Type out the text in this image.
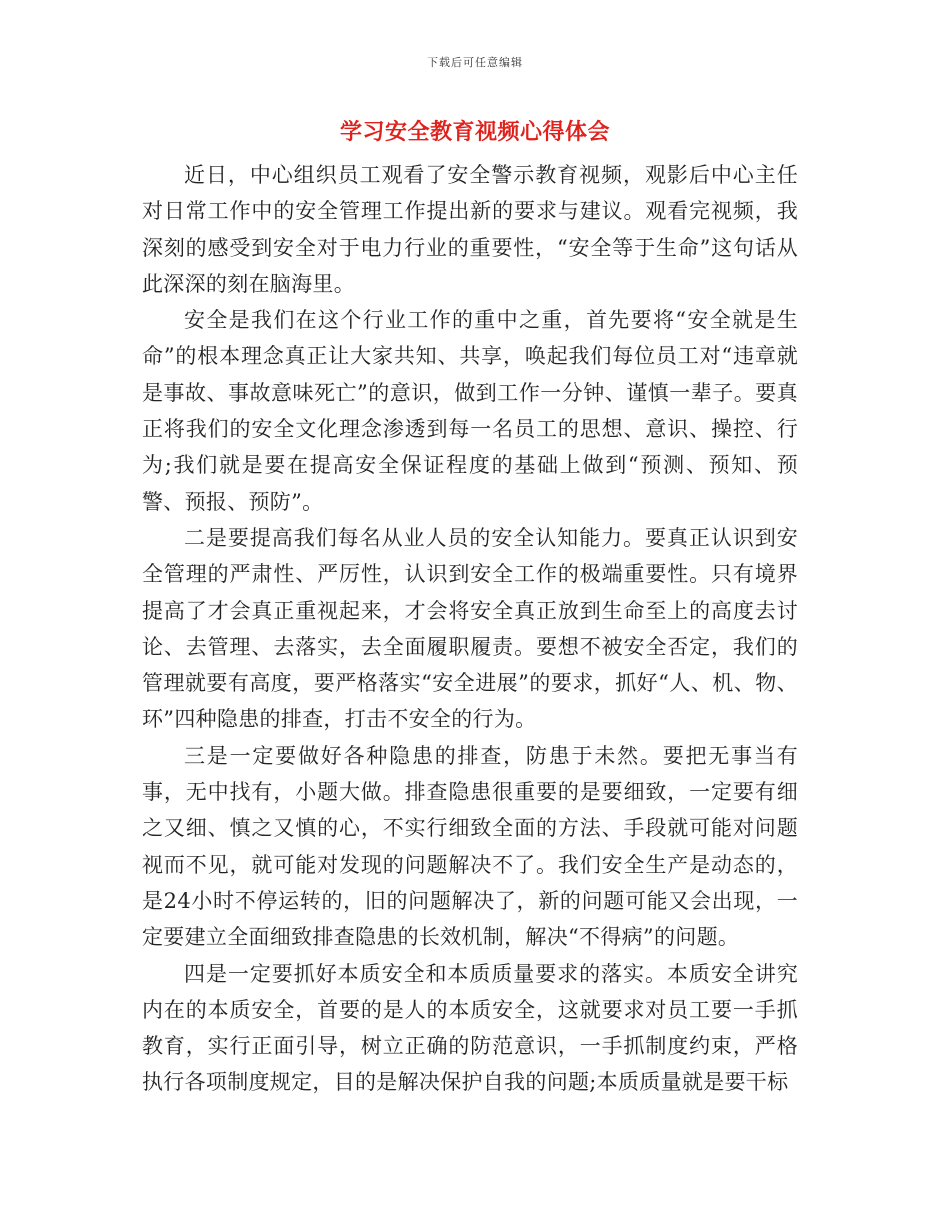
下载后可任意编辑
学习安全教育视频心得体会

近日，中心组织员工观看了安全警示教育视频，观影后中心主任对日常工作中的安全管理工作提出新的要求与建议。观看完视频，我深刻的感受到安全对于电力行业的重要性，“安全等于生命”这句话从此深深的刻在脑海里。

安全是我们在这个行业工作的重中之重，首先要将“安全就是生命”的根本理念真正让大家共知、共享，唤起我们每位员工对“违章就是事故、事故意味死亡”的意识，做到工作一分钟、谨慎一辈子。要真正将我们的安全文化理念渗透到每一名员工的思想、意识、操控、行为;我们就是要在提高安全保证程度的基础上做到“预测、预知、预警、预报、预防”。

二是要提高我们每名从业人员的安全认知能力。要真正认识到安全管理的严肃性、严厉性，认识到安全工作的极端重要性。只有境界提高了才会真正重视起来，才会将安全真正放到生命至上的高度去讨论、去管理、去落实，去全面履职履责。要想不被安全否定，我们的管理就要有高度，要严格落实“安全进展”的要求，抓好“人、机、物、环”四种隐患的排查，打击不安全的行为。

三是一定要做好各种隐患的排查，防患于未然。要把无事当有事，无中找有，小题大做。排查隐患很重要的是要细致，一定要有细之又细、慎之又慎的心，不实行细致全面的方法、手段就可能对问题视而不见，就可能对发现的问题解决不了。我们安全生产是动态的，是24小时不停运转的，旧的问题解决了，新的问题可能又会出现，一定要建立全面细致排查隐患的长效机制，解决“不得病”的问题。

四是一定要抓好本质安全和本质质量要求的落实。本质安全讲究内在的本质安全，首要的是人的本质安全，这就要求对员工要一手抓教育，实行正面引导，树立正确的防范意识，一手抓制度约束，严格执行各项制度规定，目的是解决保护自我的问题;本质质量就是要干标
